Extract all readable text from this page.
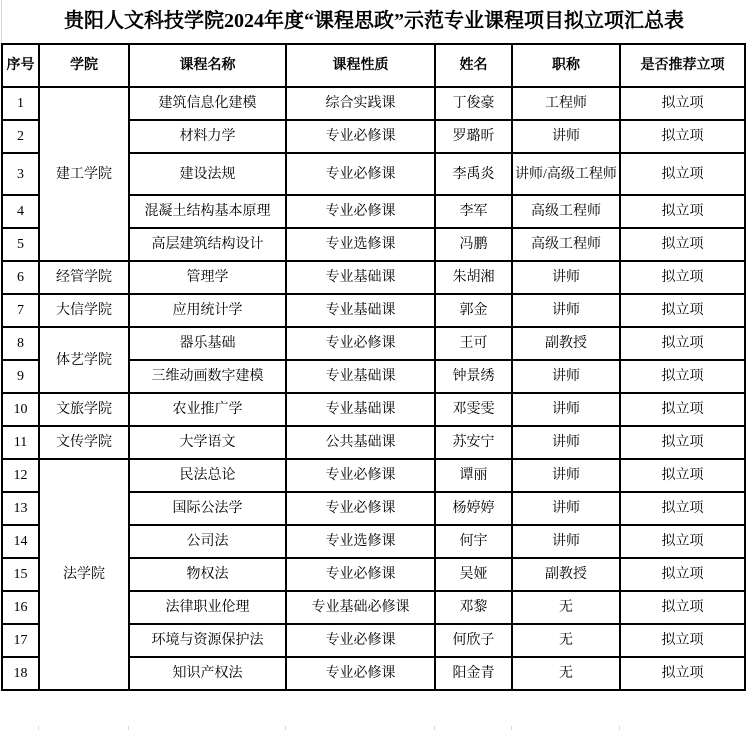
贵阳人文科技学院2024年度“课程思政”示范专业课程项目拟立项汇总表
序号	学院	课程名称	课程性质	姓名	职称	是否推荐立项
1	建工学院	建筑信息化建模	综合实践课	丁俊豪	工程师	拟立项
2		材料力学	专业必修课	罗璐昕	讲师	拟立项
3		建设法规	专业必修课	李禹炎	讲师/高级工程师	拟立项
4		混凝土结构基本原理	专业必修课	李军	高级工程师	拟立项
5		高层建筑结构设计	专业选修课	冯鹏	高级工程师	拟立项
6	经管学院	管理学	专业基础课	朱胡湘	讲师	拟立项
7	大信学院	应用统计学	专业基础课	郭金	讲师	拟立项
8	体艺学院	器乐基础	专业必修课	王可	副教授	拟立项
9		三维动画数字建模	专业基础课	钟景绣	讲师	拟立项
10	文旅学院	农业推广学	专业基础课	邓雯雯	讲师	拟立项
11	文传学院	大学语文	公共基础课	苏安宁	讲师	拟立项
12	法学院	民法总论	专业必修课	谭丽	讲师	拟立项
13		国际公法学	专业必修课	杨婷婷	讲师	拟立项
14		公司法	专业选修课	何宇	讲师	拟立项
15		物权法	专业必修课	吴娅	副教授	拟立项
16		法律职业伦理	专业基础必修课	邓黎	无	拟立项
17		环境与资源保护法	专业必修课	何欣子	无	拟立项
18		知识产权法	专业必修课	阳金青	无	拟立项
